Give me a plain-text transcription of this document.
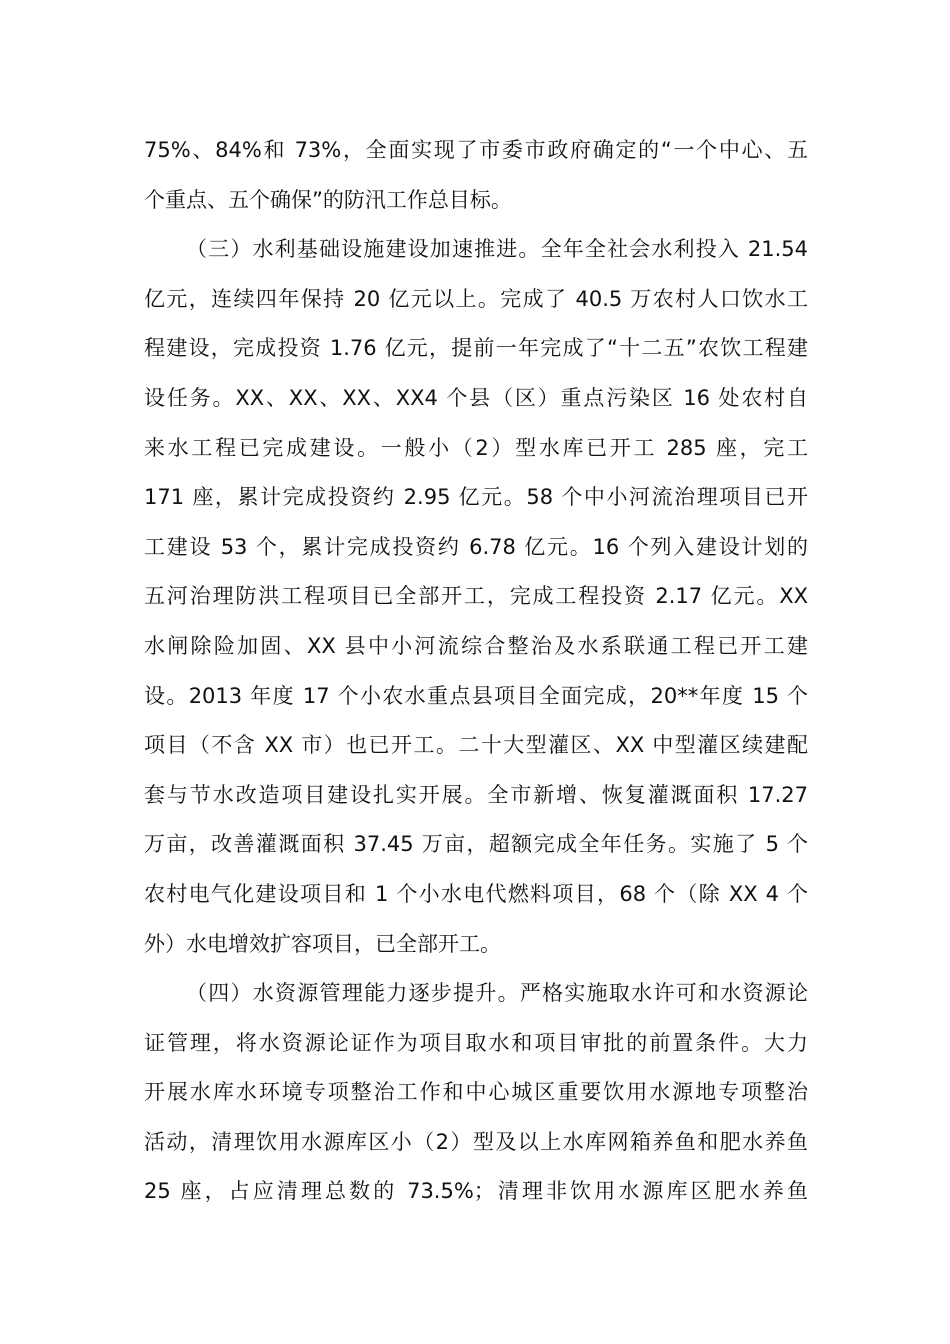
75%、84%和 73%，全面实现了市委市政府确定的“一个中心、五
个重点、五个确保”的防汛工作总目标。
（三）水利基础设施建设加速推进。全年全社会水利投入 21.54
亿元，连续四年保持 20 亿元以上。完成了 40.5 万农村人口饮水工
程建设，完成投资 1.76 亿元，提前一年完成了“十二五”农饮工程建
设任务。XX、XX、XX、XX4 个县（区）重点污染区 16 处农村自
来水工程已完成建设。一般小（2）型水库已开工 285 座，完工
171 座，累计完成投资约 2.95 亿元。58 个中小河流治理项目已开
工建设 53 个，累计完成投资约 6.78 亿元。16 个列入建设计划的
五河治理防洪工程项目已全部开工，完成工程投资 2.17 亿元。XX
水闸除险加固、XX 县中小河流综合整治及水系联通工程已开工建
设。2013 年度 17 个小农水重点县项目全面完成，20**年度 15 个
项目（不含 XX 市）也已开工。二十大型灌区、XX 中型灌区续建配
套与节水改造项目建设扎实开展。全市新增、恢复灌溉面积 17.27
万亩，改善灌溉面积 37.45 万亩，超额完成全年任务。实施了 5 个
农村电气化建设项目和 1 个小水电代燃料项目，68 个（除 XX 4 个
外）水电增效扩容项目，已全部开工。
（四）水资源管理能力逐步提升。严格实施取水许可和水资源论
证管理，将水资源论证作为项目取水和项目审批的前置条件。大力
开展水库水环境专项整治工作和中心城区重要饮用水源地专项整治
活动，清理饮用水源库区小（2）型及以上水库网箱养鱼和肥水养鱼
25 座，占应清理总数的 73.5%；清理非饮用水源库区肥水养鱼
